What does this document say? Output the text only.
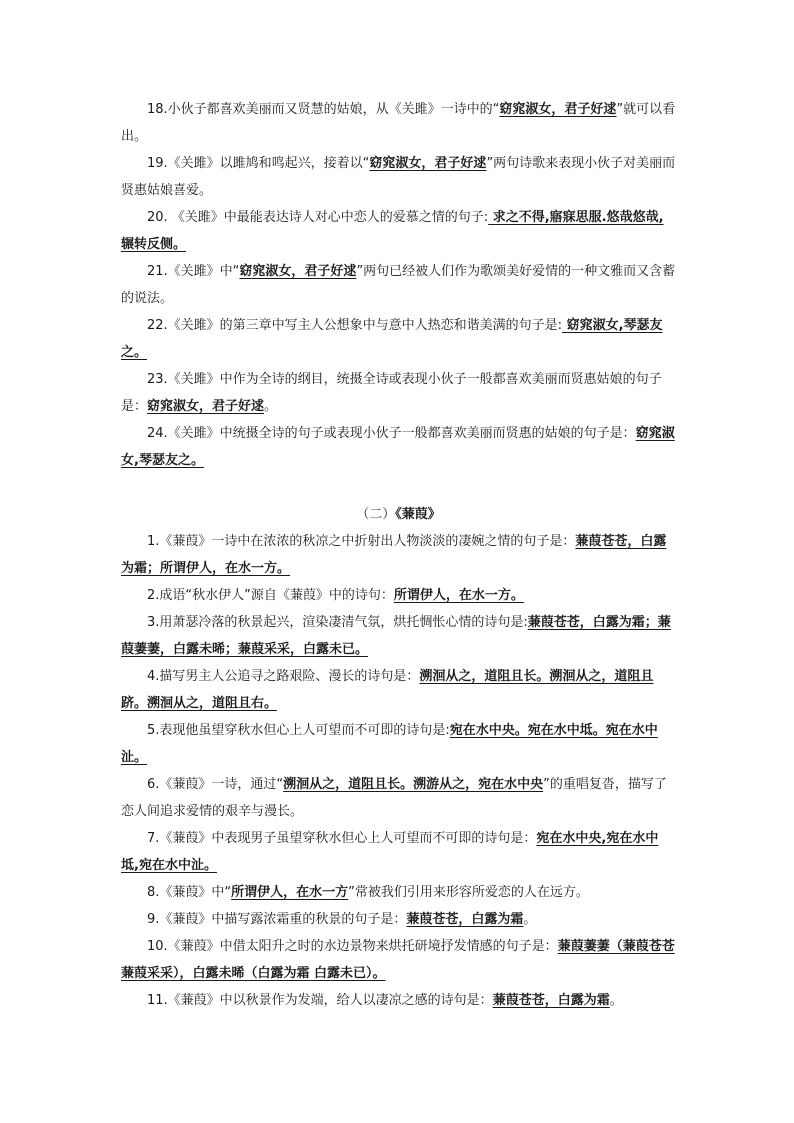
18.小伙子都喜欢美丽而又贤慧的姑娘，从《关雎》一诗中的“窈窕淑女，君子好逑”就可以看出。

19.《关雎》以雎鸠和鸣起兴，接着以“窈窕淑女，君子好逑”两句诗歌来表现小伙子对美丽而贤惠姑娘喜爱。

20. 《关雎》中最能表达诗人对心中恋人的爱慕之情的句子: 求之不得,寤寐思服.悠哉悠哉,辗转反侧。

21.《关雎》中“窈窕淑女，君子好逑”两句已经被人们作为歌颂美好爱情的一种文雅而又含蓄的说法。

22.《关雎》的第三章中写主人公想象中与意中人热恋和谐美满的句子是: 窈窕淑女,琴瑟友之。

23.《关雎》中作为全诗的纲目，统摄全诗或表现小伙子一般都喜欢美丽而贤惠姑娘的句子是：窈窕淑女，君子好逑。

24.《关雎》中统摄全诗的句子或表现小伙子一般都喜欢美丽而贤惠的姑娘的句子是：窈窕淑女,琴瑟友之。

（二）《蒹葭》

1.《蒹葭》一诗中在浓浓的秋凉之中折射出人物淡淡的凄婉之情的句子是：蒹葭苍苍，白露为霜；所谓伊人，在水一方。

2.成语“秋水伊人”源自《蒹葭》中的诗句：所谓伊人，在水一方。

3.用萧瑟冷落的秋景起兴，渲染凄清气氛，烘托惆怅心情的诗句是:蒹葭苍苍，白露为霜；蒹葭萋萋，白露未晞；蒹葭采采，白露未已。

4.描写男主人公追寻之路艰险、漫长的诗句是：溯洄从之，道阻且长。溯洄从之，道阻且跻。溯洄从之，道阻且右。

5.表现他虽望穿秋水但心上人可望而不可即的诗句是:宛在水中央。宛在水中坻。宛在水中沚。

6.《蒹葭》一诗，通过“溯洄从之，道阻且长。溯游从之，宛在水中央”的重唱复沓，描写了恋人间追求爱情的艰辛与漫长。

7.《蒹葭》中表现男子虽望穿秋水但心上人可望而不可即的诗句是：宛在水中央,宛在水中坻,宛在水中沚。

8.《蒹葭》中“所谓伊人，在水一方”常被我们引用来形容所爱恋的人在远方。

9.《蒹葭》中描写露浓霜重的秋景的句子是：蒹葭苍苍，白露为霜。

10.《蒹葭》中借太阳升之时的水边景物来烘托研境抒发情感的句子是：蒹葭萋萋（蒹葭苍苍 蒹葭采采），白露未晞（白露为霜 白露未已）。

11.《蒹葭》中以秋景作为发端，给人以凄凉之感的诗句是：蒹葭苍苍，白露为霜。
